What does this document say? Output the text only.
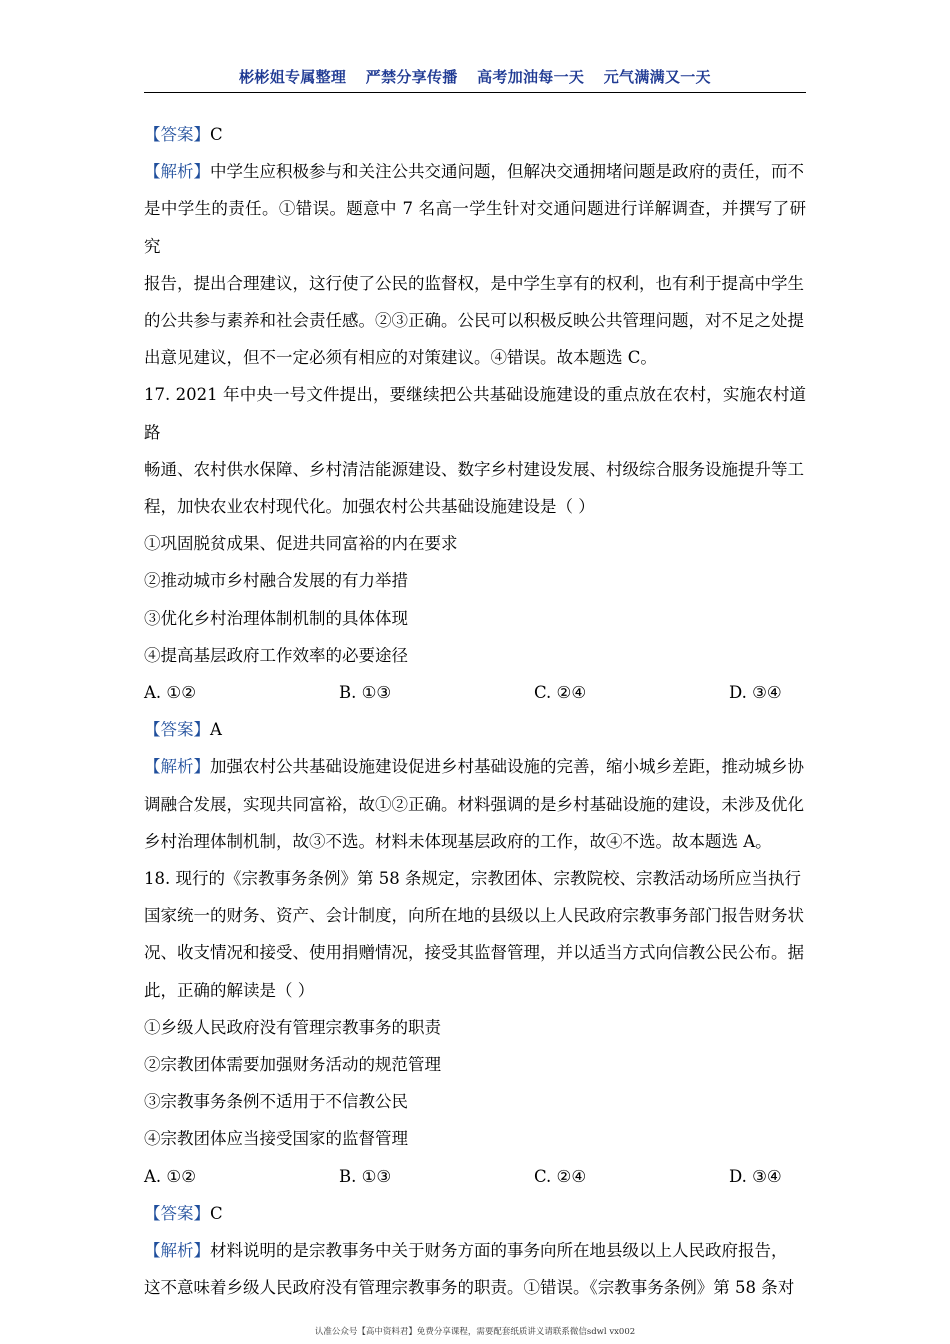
彬彬姐专属整理 严禁分享传播 高考加油每一天 元气满满又一天

【答案】C

【解析】中学生应积极参与和关注公共交通问题，但解决交通拥堵问题是政府的责任，而不

是中学生的责任。①错误。题意中 7 名高一学生针对交通问题进行详解调查，并撰写了研究

报告，提出合理建议，这行使了公民的监督权，是中学生享有的权利，也有利于提高中学生

的公共参与素养和社会责任感。②③正确。公民可以积极反映公共管理问题，对不足之处提

出意见建议，但不一定必须有相应的对策建议。④错误。故本题选 C。

17. 2021 年中央一号文件提出，要继续把公共基础设施建设的重点放在农村，实施农村道路

畅通、农村供水保障、乡村清洁能源建设、数字乡村建设发展、村级综合服务设施提升等工

程，加快农业农村现代化。加强农村公共基础设施建设是（ ）

①巩固脱贫成果、促进共同富裕的内在要求

②推动城市乡村融合发展的有力举措

③优化乡村治理体制机制的具体体现

④提高基层政府工作效率的必要途径

A. ①②	B. ①③	C. ②④	D. ③④

【答案】A

【解析】加强农村公共基础设施建设促进乡村基础设施的完善，缩小城乡差距，推动城乡协

调融合发展，实现共同富裕，故①②正确。材料强调的是乡村基础设施的建设，未涉及优化

乡村治理体制机制，故③不选。材料未体现基层政府的工作，故④不选。故本题选 A。

18. 现行的《宗教事务条例》第 58 条规定，宗教团体、宗教院校、宗教活动场所应当执行

国家统一的财务、资产、会计制度，向所在地的县级以上人民政府宗教事务部门报告财务状

况、收支情况和接受、使用捐赠情况，接受其监督管理，并以适当方式向信教公民公布。据

此，正确的解读是（ ）

①乡级人民政府没有管理宗教事务的职责

②宗教团体需要加强财务活动的规范管理

③宗教事务条例不适用于不信教公民

④宗教团体应当接受国家的监督管理

A. ①②	B. ①③	C. ②④	D. ③④

【答案】C

【解析】材料说明的是宗教事务中关于财务方面的事务向所在地县级以上人民政府报告，

这不意味着乡级人民政府没有管理宗教事务的职责。①错误。《宗教事务条例》第 58 条对

认准公众号【高中资料君】免费分享课程，需要配套纸质讲义请联系微信sdwl vx002
